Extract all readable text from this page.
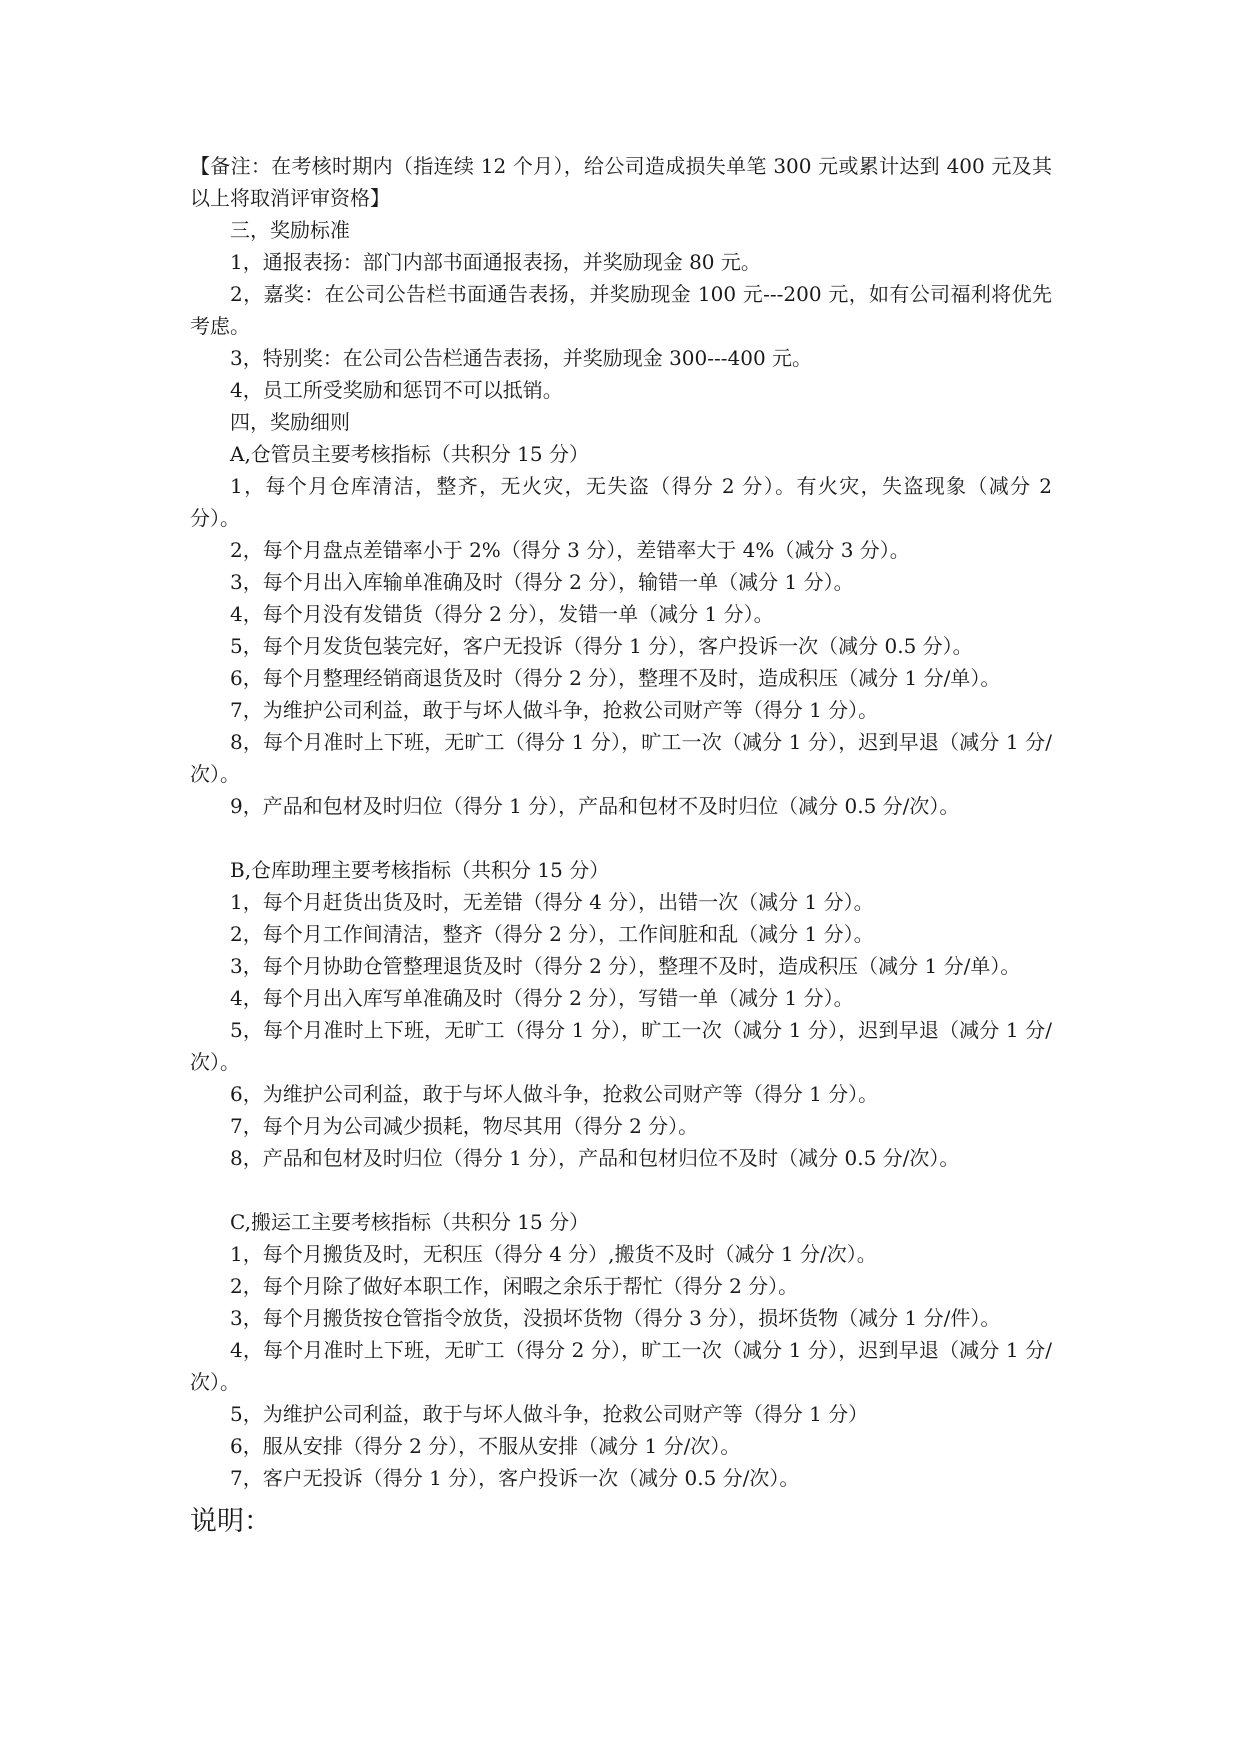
【备注：在考核时期内（指连续 12 个月），给公司造成损失单笔 300 元或累计达到 400 元及其以上将取消评审资格】

三，奖励标准

1，通报表扬：部门内部书面通报表扬，并奖励现金 80 元。

2，嘉奖：在公司公告栏书面通告表扬，并奖励现金 100 元---200 元，如有公司福利将优先考虑。

3，特别奖：在公司公告栏通告表扬，并奖励现金 300---400 元。

4，员工所受奖励和惩罚不可以抵销。

四，奖励细则

A,仓管员主要考核指标（共积分 15 分）

1，每个月仓库清洁，整齐，无火灾，无失盗（得分 2 分）。有火灾，失盗现象（减分 2 分）。

2，每个月盘点差错率小于 2%（得分 3 分），差错率大于 4%（减分 3 分）。

3，每个月出入库输单准确及时（得分 2 分），输错一单（减分 1 分）。

4，每个月没有发错货（得分 2 分），发错一单（减分 1 分）。

5，每个月发货包装完好，客户无投诉（得分 1 分），客户投诉一次（减分 0.5 分）。

6，每个月整理经销商退货及时（得分 2 分），整理不及时，造成积压（减分 1 分/单）。

7，为维护公司利益，敢于与坏人做斗争，抢救公司财产等（得分 1 分）。

8，每个月准时上下班，无旷工（得分 1 分），旷工一次（减分 1 分），迟到早退（减分 1 分/次）。

9，产品和包材及时归位（得分 1 分），产品和包材不及时归位（减分 0.5 分/次）。

B,仓库助理主要考核指标（共积分 15 分）

1，每个月赶货出货及时，无差错（得分 4 分），出错一次（减分 1 分）。

2，每个月工作间清洁，整齐（得分 2 分），工作间脏和乱（减分 1 分）。

3，每个月协助仓管整理退货及时（得分 2 分），整理不及时，造成积压（减分 1 分/单）。

4，每个月出入库写单准确及时（得分 2 分），写错一单（减分 1 分）。

5，每个月准时上下班，无旷工（得分 1 分），旷工一次（减分 1 分），迟到早退（减分 1 分/次）。

6，为维护公司利益，敢于与坏人做斗争，抢救公司财产等（得分 1 分）。

7，每个月为公司减少损耗，物尽其用（得分 2 分）。

8，产品和包材及时归位（得分 1 分），产品和包材归位不及时（减分 0.5 分/次）。

C,搬运工主要考核指标（共积分 15 分）

1，每个月搬货及时，无积压（得分 4 分）,搬货不及时（减分 1 分/次）。

2，每个月除了做好本职工作，闲暇之余乐于帮忙（得分 2 分）。

3，每个月搬货按仓管指令放货，没损坏货物（得分 3 分），损坏货物（减分 1 分/件）。

4，每个月准时上下班，无旷工（得分 2 分），旷工一次（减分 1 分），迟到早退（减分 1 分/次）。

5，为维护公司利益，敢于与坏人做斗争，抢救公司财产等（得分 1 分）

6，服从安排（得分 2 分），不服从安排（减分 1 分/次）。

7，客户无投诉（得分 1 分），客户投诉一次（减分 0.5 分/次）。

说明：
